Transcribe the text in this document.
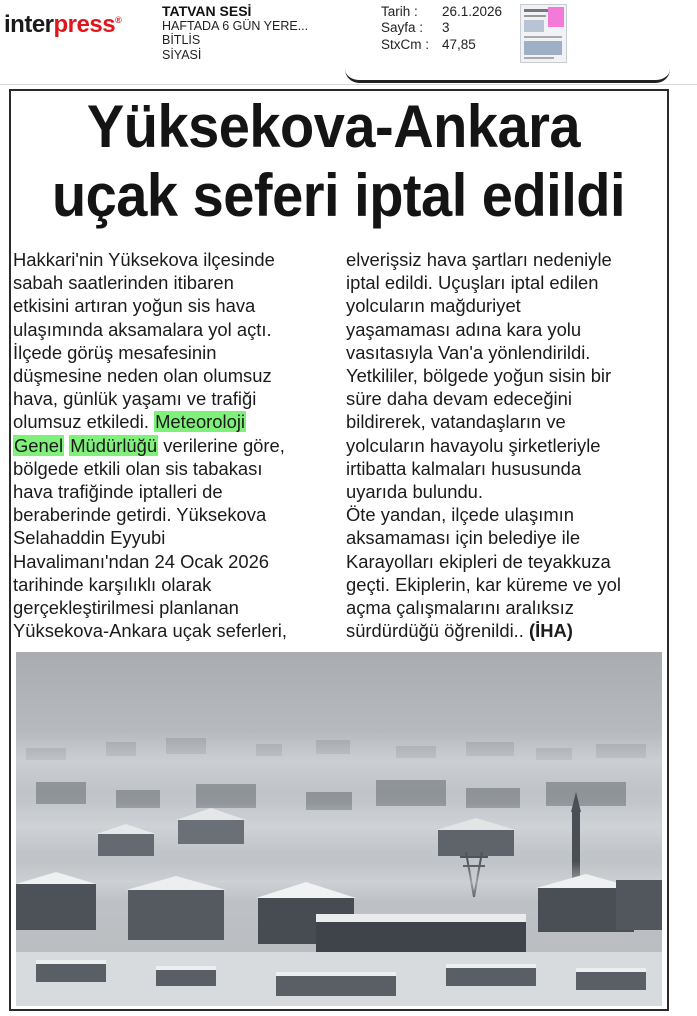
interpress®
TATVAN SESİ
HAFTADA 6 GÜN YERE...
BİTLİS
SİYASİ
Tarih :	26.1.2026
Sayfa :	3
StxCm : 47,85
Yüksekova-Ankara
uçak seferi iptal edildi
Hakkari'nin Yüksekova ilçesinde
sabah saatlerinden itibaren
etkisini artıran yoğun sis hava
ulaşımında aksamalara yol açtı.
İlçede görüş mesafesinin
düşmesine neden olan olumsuz
hava, günlük yaşamı ve trafiği
olumsuz etkiledi. Meteoroloji
Genel Müdürlüğü verilerine göre,
bölgede etkili olan sis tabakası
hava trafiğinde iptalleri de
beraberinde getirdi. Yüksekova
Selahaddin Eyyubi
Havalimanı'ndan 24 Ocak 2026
tarihinde karşılıklı olarak
gerçekleştirilmesi planlanan
Yüksekova-Ankara uçak seferleri,
elverişsiz hava şartları nedeniyle
iptal edildi. Uçuşları iptal edilen
yolcuların mağduriyet
yaşamaması adına kara yolu
vasıtasıyla Van'a yönlendirildi.
Yetkililer, bölgede yoğun sisin bir
süre daha devam edeceğini
bildirerek, vatandaşların ve
yolcuların havayolu şirketleriyle
irtibatta kalmaları hususunda
uyarıda bulundu.
Öte yandan, ilçede ulaşımın
aksamaması için belediye ile
Karayolları ekipleri de teyakkuza
geçti. Ekiplerin, kar küreme ve yol
açma çalışmalarını aralıksız
sürdürdüğü öğrenildi.. (İHA)
